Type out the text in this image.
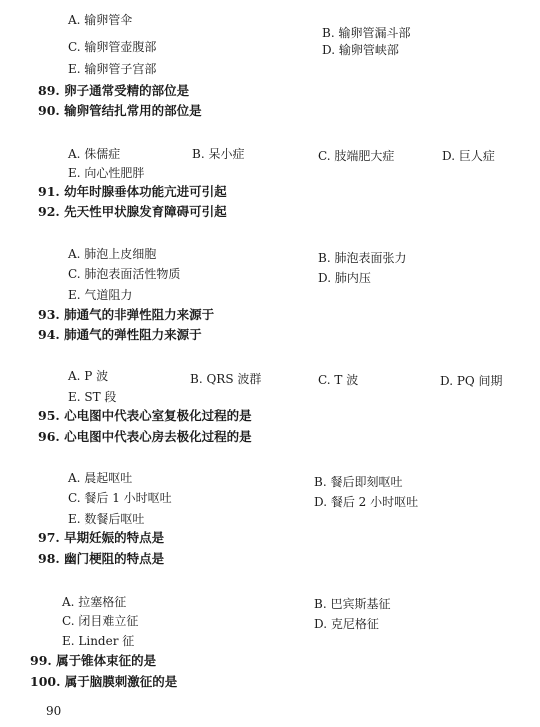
A. 输卵管伞
B. 输卵管漏斗部
C. 输卵管壶腹部	D. 输卵管峡部
E. 输卵管子宫部
89. 卵子通常受精的部位是
90. 输卵管结扎常用的部位是
A. 侏儒症	B. 呆小症	C. 肢端肥大症	D. 巨人症
E. 向心性肥胖
91. 幼年时腺垂体功能亢进可引起
92. 先天性甲状腺发育障碍可引起
A. 肺泡上皮细胞	B. 肺泡表面张力
C. 肺泡表面活性物质	D. 肺内压
E. 气道阻力
93. 肺通气的非弹性阻力来源于
94. 肺通气的弹性阻力来源于
A. P 波	B. QRS 波群	C. T 波	D. PQ 间期
E. ST 段
95. 心电图中代表心室复极化过程的是
96. 心电图中代表心房去极化过程的是
A. 晨起呕吐	B. 餐后即刻呕吐
C. 餐后 1 小时呕吐	D. 餐后 2 小时呕吐
E. 数餐后呕吐
97. 早期妊娠的特点是
98. 幽门梗阻的特点是
A. 拉塞格征	B. 巴宾斯基征
C. 闭目难立征	D. 克尼格征
E. Linder 征
99. 属于锥体束征的是
100. 属于脑膜刺激征的是
90
